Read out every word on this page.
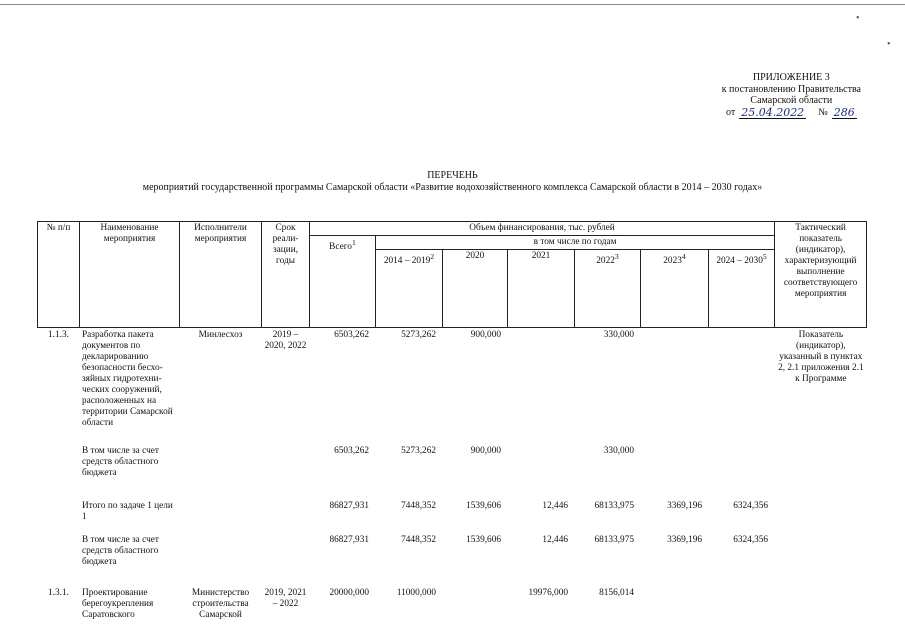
•
•
ПРИЛОЖЕНИЕ 3
к постановлению Правительства
Самарской области
от 25.04.2022 № 286
ПЕРЕЧЕНЬ
мероприятий государственной программы Самарской области «Развитие водохозяйственного комплекса Самарской области в 2014 – 2030 годах»
№ п/п	Наименование мероприятия	Исполнители мероприятия	Срок реали-зации, годы	Объем финансирования, тыс. рублей							Тактический показатель (индикатор), характеризующий выполнение соответствующего мероприятия
				Всего$^1$	в том числе по годам						
					2014 – 2019$^2$	2020	2021	2022$^3$	2023$^4$	2024 – 2030$^5$
1.1.3.	Разработка пакета документов по декларированию безопасности бесхо-зяйных гидротехни-ческих сооружений, расположенных на территории Самарской области	Минлесхоз	2019 – 2020, 2022	6503,262	5273,262	900,000		330,000			Показатель (индикатор), указанный в пунктах 2, 2.1 приложения 2.1 к Программе
	В том числе за счет средств областного бюджета			6503,262	5273,262	900,000		330,000			
	Итого по задаче 1 цели 1			86827,931	7448,352	1539,606	12,446	68133,975	3369,196	6324,356	
	В том числе за счет средств областного бюджета			86827,931	7448,352	1539,606	12,446	68133,975	3369,196	6324,356	
1.3.1.	Проектирование берегоукрепления Саратовского	Министерство строительства Самарской	2019, 2021 – 2022	20000,000	11000,000		19976,000	8156,014			
